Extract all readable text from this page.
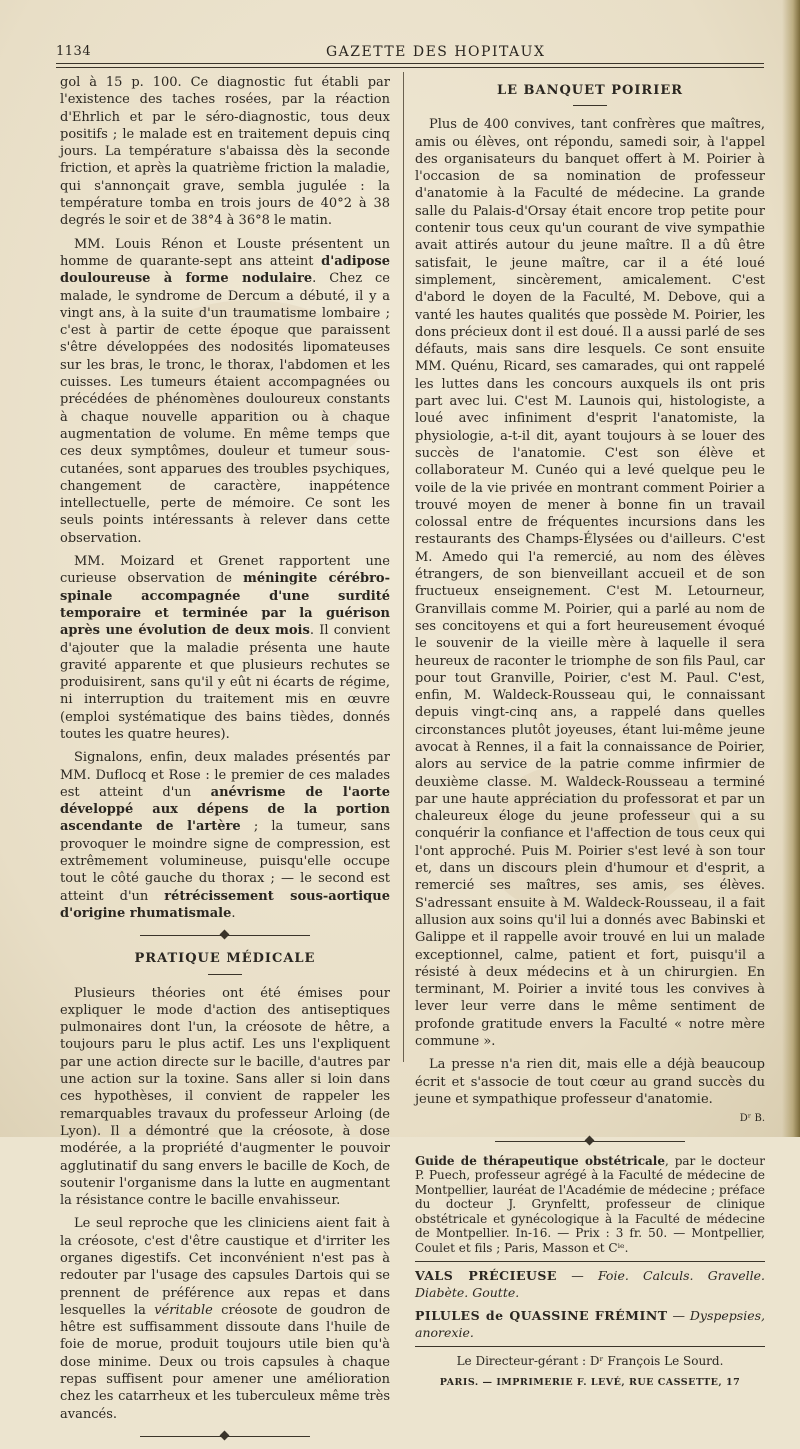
1134	GAZETTE DES HOPITAUX

gol à 15 p. 100. Ce diagnostic fut établi par l'existence des taches rosées, par la réaction d'Ehrlich et par le séro-diagnostic, tous deux positifs ; le malade est en traitement depuis cinq jours. La température s'abaissa dès la seconde friction, et après la quatrième friction la maladie, qui s'annonçait grave, sembla jugulée : la température tomba en trois jours de 40°2 à 38 degrés le soir et de 38°4 à 36°8 le matin.

MM. Louis Rénon et Louste présentent un homme de quarante-sept ans atteint d'adipose douloureuse à forme nodulaire. Chez ce malade, le syndrome de Dercum a débuté, il y a vingt ans, à la suite d'un traumatisme lombaire ; c'est à partir de cette époque que paraissent s'être développées des nodosités lipomateuses sur les bras, le tronc, le thorax, l'abdomen et les cuisses. Les tumeurs étaient accompagnées ou précédées de phénomènes douloureux constants à chaque nouvelle apparition ou à chaque augmentation de volume. En même temps que ces deux symptômes, douleur et tumeur sous-cutanées, sont apparues des troubles psychiques, changement de caractère, inappétence intellectuelle, perte de mémoire. Ce sont les seuls points intéressants à relever dans cette observation.

MM. Moizard et Grenet rapportent une curieuse observation de méningite cérébro-spinale accompagnée d'une surdité temporaire et terminée par la guérison après une évolution de deux mois. Il convient d'ajouter que la maladie présenta une haute gravité apparente et que plusieurs rechutes se produisirent, sans qu'il y eût ni écarts de régime, ni interruption du traitement mis en œuvre (emploi systématique des bains tièdes, donnés toutes les quatre heures).

Signalons, enfin, deux malades présentés par MM. Duflocq et Rose : le premier de ces malades est atteint d'un anévrisme de l'aorte développé aux dépens de la portion ascendante de l'artère ; la tumeur, sans provoquer le moindre signe de compression, est extrêmement volumineuse, puisqu'elle occupe tout le côté gauche du thorax ; — le second est atteint d'un rétrécissement sous-aortique d'origine rhumatismale.

PRATIQUE MÉDICALE

Plusieurs théories ont été émises pour expliquer le mode d'action des antiseptiques pulmonaires dont l'un, la créosote de hêtre, a toujours paru le plus actif. Les uns l'expliquent par une action directe sur le bacille, d'autres par une action sur la toxine. Sans aller si loin dans ces hypothèses, il convient de rappeler les remarquables travaux du professeur Arloing (de Lyon). Il a démontré que la créosote, à dose modérée, a la propriété d'augmenter le pouvoir agglutinatif du sang envers le bacille de Koch, de soutenir l'organisme dans la lutte en augmentant la résistance contre le bacille envahisseur.

Le seul reproche que les cliniciens aient fait à la créosote, c'est d'être caustique et d'irriter les organes digestifs. Cet inconvénient n'est pas à redouter par l'usage des capsules Dartois qui se prennent de préférence aux repas et dans lesquelles la véritable créosote de goudron de hêtre est suffisamment dissoute dans l'huile de foie de morue, produit toujours utile bien qu'à dose minime. Deux ou trois capsules à chaque repas suffisent pour amener une amélioration chez les catarrheux et les tuberculeux même très avancés.

LE BANQUET POIRIER

Plus de 400 convives, tant confrères que maîtres, amis ou élèves, ont répondu, samedi soir, à l'appel des organisateurs du banquet offert à M. Poirier à l'occasion de sa nomination de professeur d'anatomie à la Faculté de médecine. La grande salle du Palais-d'Orsay était encore trop petite pour contenir tous ceux qu'un courant de vive sympathie avait attirés autour du jeune maître. Il a dû être satisfait, le jeune maître, car il a été loué simplement, sincèrement, amicalement. C'est d'abord le doyen de la Faculté, M. Debove, qui a vanté les hautes qualités que possède M. Poirier, les dons précieux dont il est doué. Il a aussi parlé de ses défauts, mais sans dire lesquels. Ce sont ensuite MM. Quénu, Ricard, ses camarades, qui ont rappelé les luttes dans les concours auxquels ils ont pris part avec lui. C'est M. Launois qui, histologiste, a loué avec infiniment d'esprit l'anatomiste, la physiologie, a-t-il dit, ayant toujours à se louer des succès de l'anatomie. C'est son élève et collaborateur M. Cunéo qui a levé quelque peu le voile de la vie privée en montrant comment Poirier a trouvé moyen de mener à bonne fin un travail colossal entre de fréquentes incursions dans les restaurants des Champs-Élysées ou d'ailleurs. C'est M. Amedo qui l'a remercié, au nom des élèves étrangers, de son bienveillant accueil et de son fructueux enseignement. C'est M. Letourneur, Granvillais comme M. Poirier, qui a parlé au nom de ses concitoyens et qui a fort heureusement évoqué le souvenir de la vieille mère à laquelle il sera heureux de raconter le triomphe de son fils Paul, car pour tout Granville, Poirier, c'est M. Paul. C'est, enfin, M. Waldeck-Rousseau qui, le connaissant depuis vingt-cinq ans, a rappelé dans quelles circonstances plutôt joyeuses, étant lui-même jeune avocat à Rennes, il a fait la connaissance de Poirier, alors au service de la patrie comme infirmier de deuxième classe. M. Waldeck-Rousseau a terminé par une haute appréciation du professorat et par un chaleureux éloge du jeune professeur qui a su conquérir la confiance et l'affection de tous ceux qui l'ont approché. Puis M. Poirier s'est levé à son tour et, dans un discours plein d'humour et d'esprit, a remercié ses maîtres, ses amis, ses élèves. S'adressant ensuite à M. Waldeck-Rousseau, il a fait allusion aux soins qu'il lui a donnés avec Babinski et Galippe et il rappelle avoir trouvé en lui un malade exceptionnel, calme, patient et fort, puisqu'il a résisté à deux médecins et à un chirurgien. En terminant, M. Poirier a invité tous les convives à lever leur verre dans le même sentiment de profonde gratitude envers la Faculté « notre mère commune ».

La presse n'a rien dit, mais elle a déjà beaucoup écrit et s'associe de tout cœur au grand succès du jeune et sympathique professeur d'anatomie.

Dʳ B.

Guide de thérapeutique obstétricale, par le docteur P. Puech, professeur agrégé à la Faculté de médecine de Montpellier, lauréat de l'Académie de médecine ; préface du docteur J. Grynfeltt, professeur de clinique obstétricale et gynécologique à la Faculté de médecine de Montpellier. In-16. — Prix : 3 fr. 50. — Montpellier, Coulet et fils ; Paris, Masson et Cⁱᵉ.

VALS PRÉCIEUSE — Foie. Calculs. Gravelle. Diabète. Goutte.

PILULES de QUASSINE FRÉMINT — Dyspepsies, anorexie.

Le Directeur-gérant : Dʳ François Le Sourd.
PARIS. — IMPRIMERIE F. LEVÉ, RUE CASSETTE, 17
